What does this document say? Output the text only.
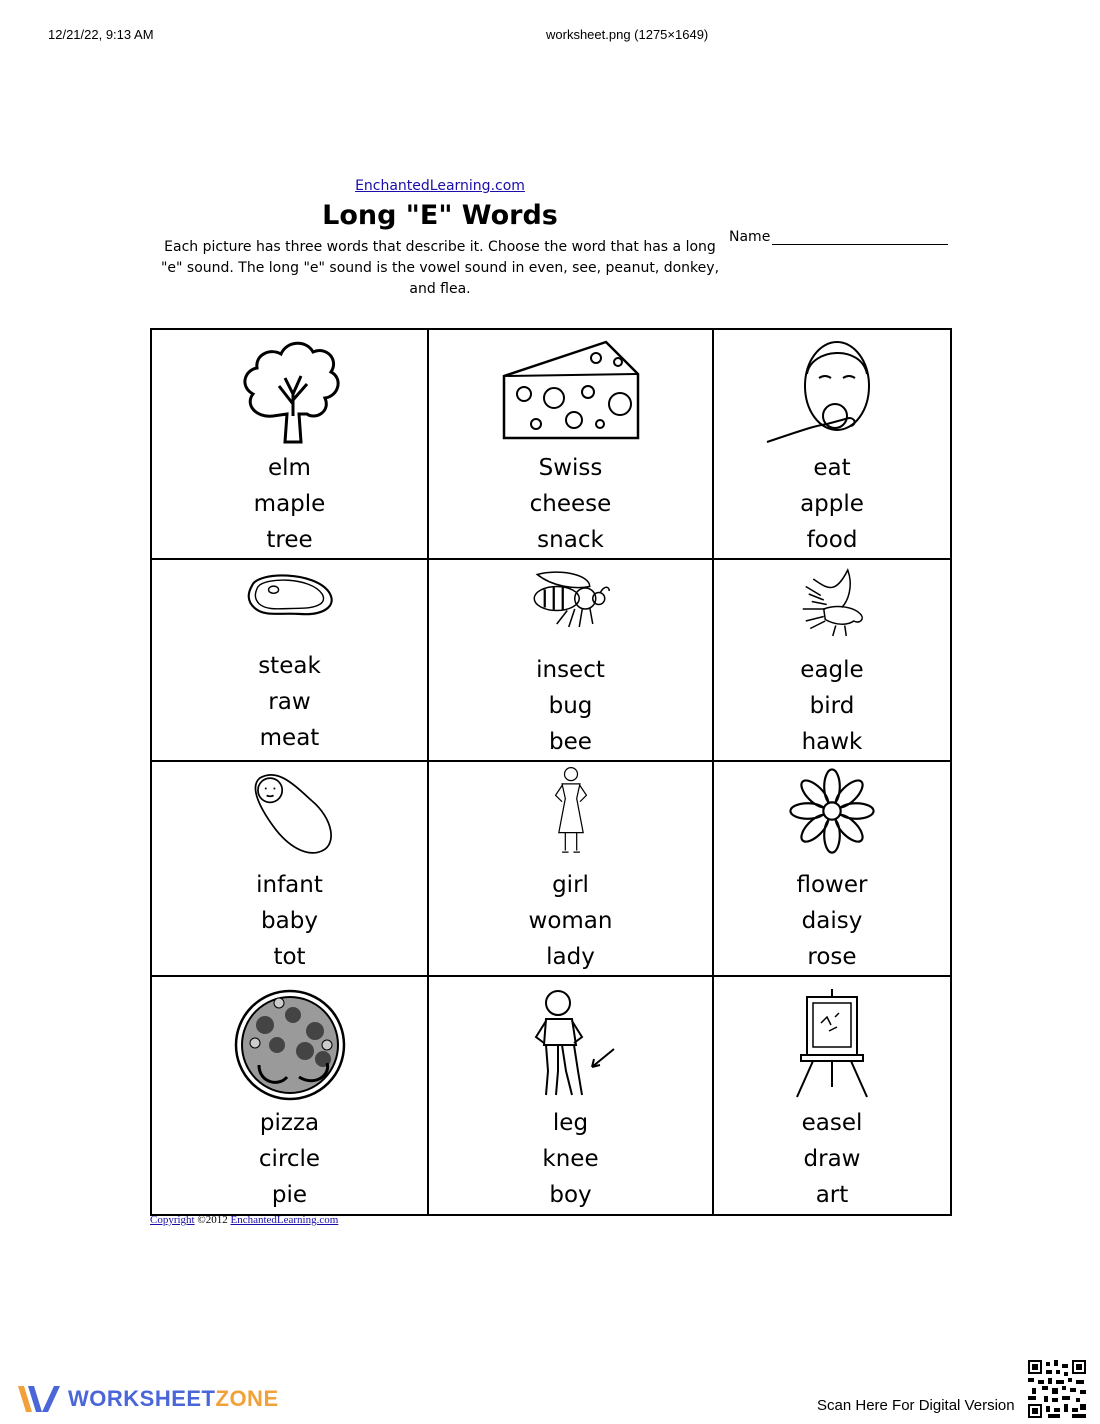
12/21/22, 9:13 AM	worksheet.png (1275×1649)
EnchantedLearning.com
Long "E" Words
Each picture has three words that describe it. Choose the word that has a long "e" sound. The long "e" sound is the vowel sound in even, see, peanut, donkey, and flea.
Name
elm
maple
tree
Swiss
cheese
snack
eat
apple
food
steak
raw
meat
insect
bug
bee
eagle
bird
hawk
infant
baby
tot
girl
woman
lady
flower
daisy
rose
pizza
circle
pie
leg
knee
boy
easel
draw
art
Copyright ©2012 EnchantedLearning.com
WORKSHEETZONE	Scan Here For Digital Version
